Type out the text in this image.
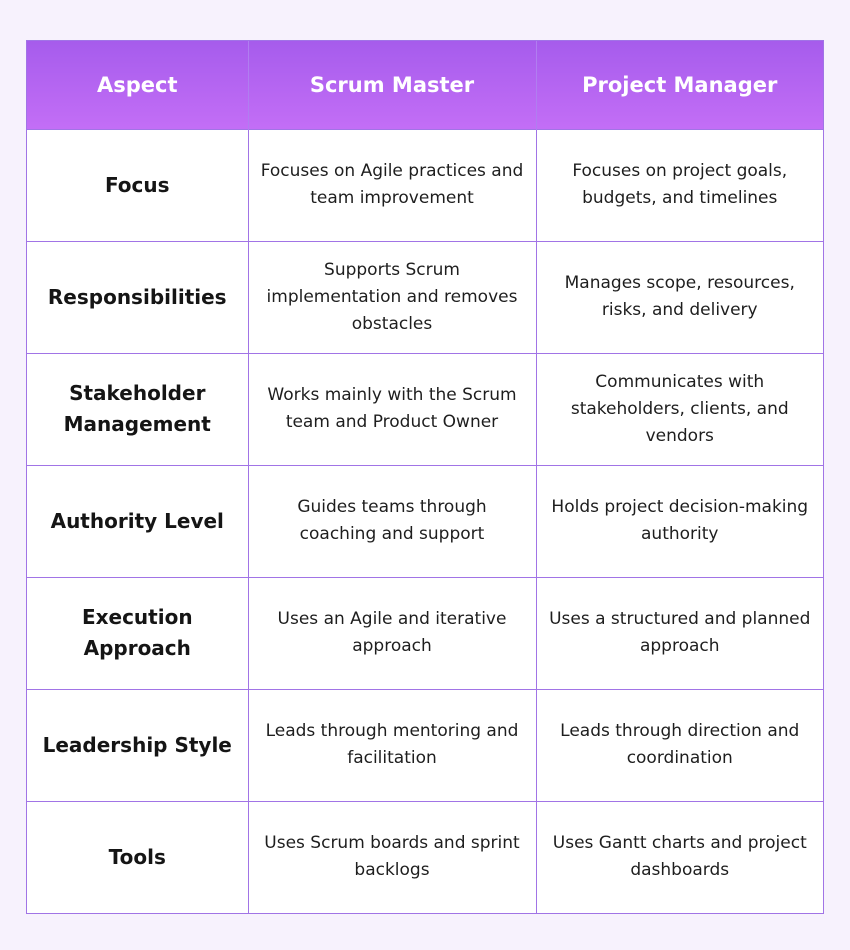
Aspect	Scrum Master	Project Manager
Focus	Focuses on Agile practices and team improvement	Focuses on project goals, budgets, and timelines
Responsibilities	Supports Scrum implementation and removes obstacles	Manages scope, resources, risks, and delivery
Stakeholder Management	Works mainly with the Scrum team and Product Owner	Communicates with stakeholders, clients, and vendors
Authority Level	Guides teams through coaching and support	Holds project decision-making authority
Execution Approach	Uses an Agile and iterative approach	Uses a structured and planned approach
Leadership Style	Leads through mentoring and facilitation	Leads through direction and coordination
Tools	Uses Scrum boards and sprint backlogs	Uses Gantt charts and project dashboards
